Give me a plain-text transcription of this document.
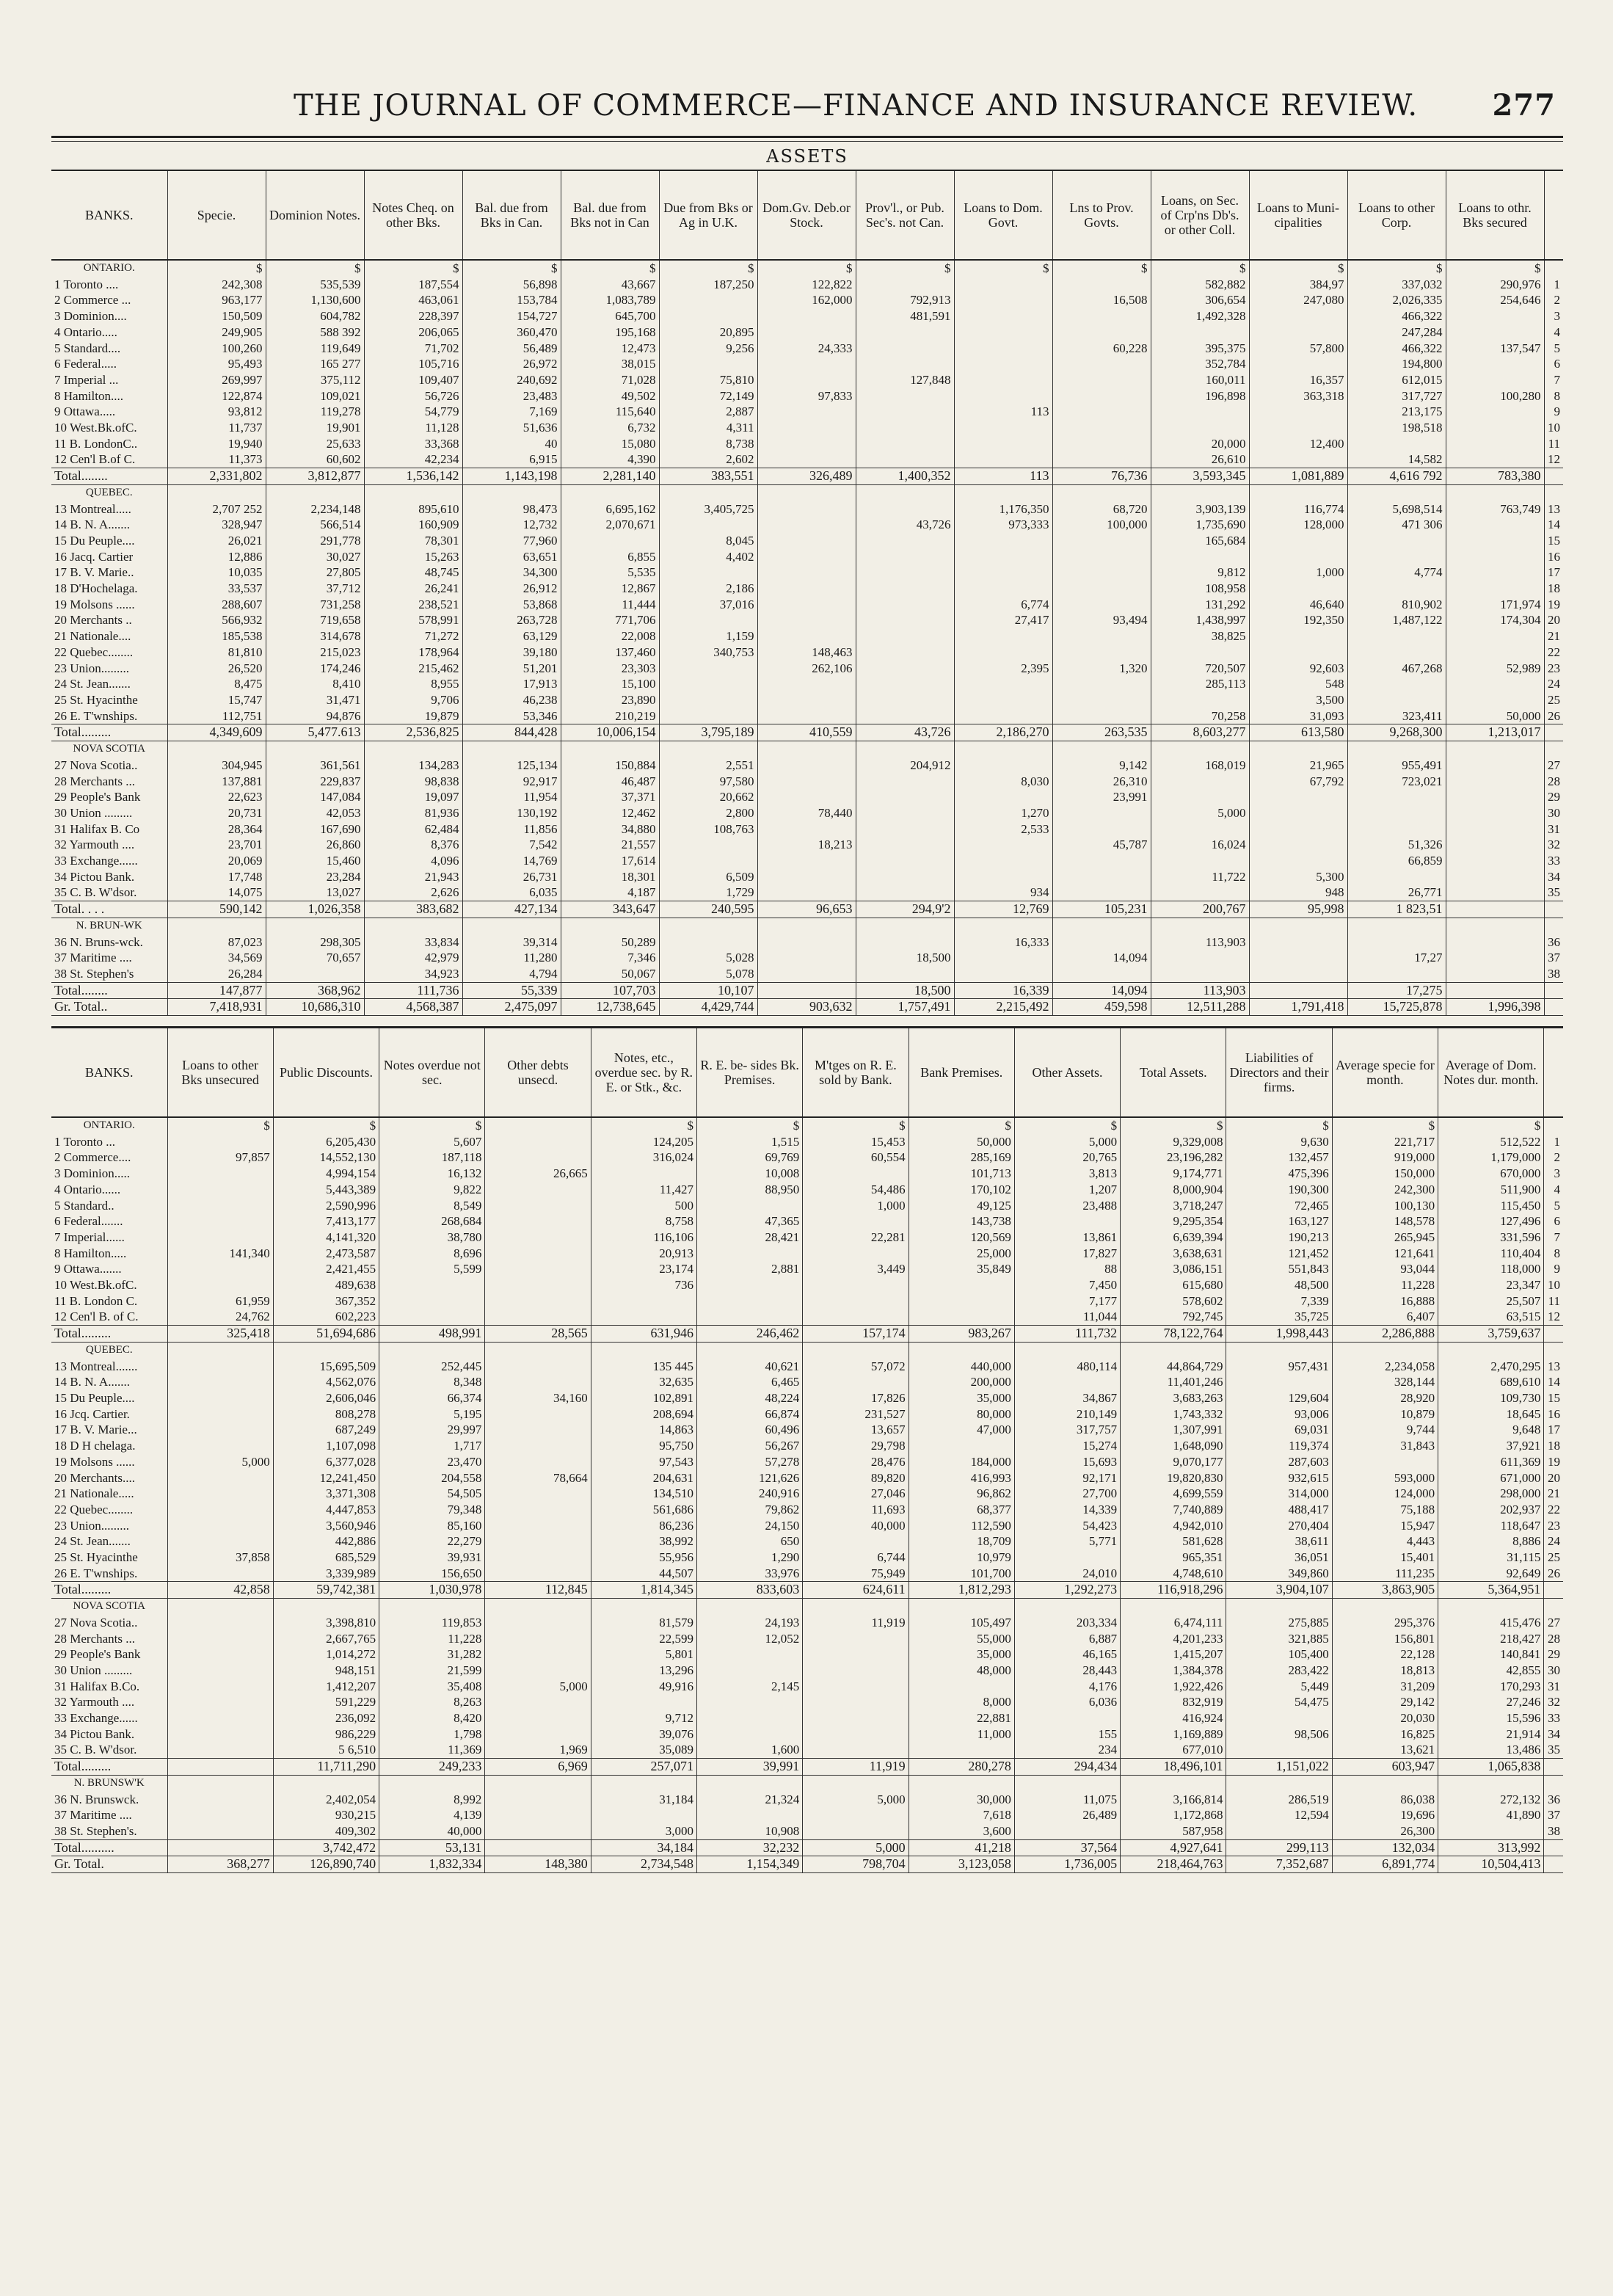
THE JOURNAL OF COMMERCE—FINANCE AND INSURANCE REVIEW.	277
ASSETS
BANKS.	Specie.	Dominion Notes.	Notes Cheq. on other Bks.	Bal. due from Bks in Can.	Bal. due from Bks not in Can	Due from Bks or Ag in U.K.	Dom.Gv. Deb.or Stock.	Prov'l., or Pub. Sec's. not Can.	Loans to Dom. Govt.	Lns to Prov. Govts.	Loans, on Sec. of Crp'ns Db's. or other Coll.	Loans to Muni- cipalities	Loans to other Corp.	Loans to othr. Bks secured	
ONTARIO.	$	$	$	$	$	$	$	$	$	$	$	$	$	$	
1 Toronto ....	242,308	535,539	187,554	56,898	43,667	187,250	122,822				582,882	384,97	337,032	290,976	1
2 Commerce ...	963,177	1,130,600	463,061	153,784	1,083,789		162,000	792,913		16,508	306,654	247,080	2,026,335	254,646	2
3 Dominion....	150,509	604,782	228,397	154,727	645,700			481,591			1,492,328		466,322		3
4 Ontario.....	249,905	588 392	206,065	360,470	195,168	20,895							247,284		4
5 Standard....	100,260	119,649	71,702	56,489	12,473	9,256	24,333			60,228	395,375	57,800	466,322	137,547	5
6 Federal.....	95,493	165 277	105,716	26,972	38,015						352,784		194,800		6
7 Imperial ...	269,997	375,112	109,407	240,692	71,028	75,810		127,848			160,011	16,357	612,015		7
8 Hamilton....	122,874	109,021	56,726	23,483	49,502	72,149	97,833				196,898	363,318	317,727	100,280	8
9 Ottawa.....	93,812	119,278	54,779	7,169	115,640	2,887			113				213,175		9
10 West.Bk.ofC.	11,737	19,901	11,128	51,636	6,732	4,311							198,518		10
11 B. LondonC..	19,940	25,633	33,368	40	15,080	8,738					20,000	12,400			11
12 Cen'l B.of C.	11,373	60,602	42,234	6,915	4,390	2,602					26,610		14,582		12
Total........	2,331,802	3,812,877	1,536,142	1,143,198	2,281,140	383,551	326,489	1,400,352	113	76,736	3,593,345	1,081,889	4,616 792	783,380	
QUEBEC.															
13 Montreal.....	2,707 252	2,234,148	895,610	98,473	6,695,162	3,405,725			1,176,350	68,720	3,903,139	116,774	5,698,514	763,749	13
14 B. N. A.......	328,947	566,514	160,909	12,732	2,070,671			43,726	973,333	100,000	1,735,690	128,000	471 306		14
15 Du Peuple....	26,021	291,778	78,301	77,960		8,045					165,684				15
16 Jacq. Cartier	12,886	30,027	15,263	63,651	6,855	4,402									16
17 B. V. Marie..	10,035	27,805	48,745	34,300	5,535						9,812	1,000	4,774		17
18 D'Hochelaga.	33,537	37,712	26,241	26,912	12,867	2,186					108,958				18
19 Molsons ......	288,607	731,258	238,521	53,868	11,444	37,016			6,774		131,292	46,640	810,902	171,974	19
20 Merchants ..	566,932	719,658	578,991	263,728	771,706				27,417	93,494	1,438,997	192,350	1,487,122	174,304	20
21 Nationale....	185,538	314,678	71,272	63,129	22,008	1,159					38,825				21
22 Quebec........	81,810	215,023	178,964	39,180	137,460	340,753	148,463								22
23 Union.........	26,520	174,246	215,462	51,201	23,303		262,106		2,395	1,320	720,507	92,603	467,268	52,989	23
24 St. Jean.......	8,475	8,410	8,955	17,913	15,100						285,113	548			24
25 St. Hyacinthe	15,747	31,471	9,706	46,238	23,890							3,500			25
26 E. T'wnships.	112,751	94,876	19,879	53,346	210,219						70,258	31,093	323,411	50,000	26
Total.........	4,349,609	5,477.613	2,536,825	844,428	10,006,154	3,795,189	410,559	43,726	2,186,270	263,535	8,603,277	613,580	9,268,300	1,213,017	
NOVA SCOTIA															
27 Nova Scotia..	304,945	361,561	134,283	125,134	150,884	2,551		204,912		9,142	168,019	21,965	955,491		27
28 Merchants ...	137,881	229,837	98,838	92,917	46,487	97,580			8,030	26,310		67,792	723,021		28
29 People's Bank	22,623	147,084	19,097	11,954	37,371	20,662				23,991					29
30 Union .........	20,731	42,053	81,936	130,192	12,462	2,800	78,440		1,270		5,000				30
31 Halifax B. Co	28,364	167,690	62,484	11,856	34,880	108,763			2,533						31
32 Yarmouth ....	23,701	26,860	8,376	7,542	21,557		18,213			45,787	16,024		51,326		32
33 Exchange......	20,069	15,460	4,096	14,769	17,614								66,859		33
34 Pictou Bank.	17,748	23,284	21,943	26,731	18,301	6,509					11,722	5,300			34
35 C. B. W'dsor.	14,075	13,027	2,626	6,035	4,187	1,729			934			948	26,771		35
Total. . . .	590,142	1,026,358	383,682	427,134	343,647	240,595	96,653	294,9'2	12,769	105,231	200,767	95,998	1 823,51		
N. BRUN-WK															
36 N. Bruns-wck.	87,023	298,305	33,834	39,314	50,289				16,333		113,903				36
37 Maritime ....	34,569	70,657	42,979	11,280	7,346	5,028		18,500		14,094			17,27		37
38 St. Stephen's	26,284		34,923	4,794	50,067	5,078									38
Total........	147,877	368,962	111,736	55,339	107,703	10,107		18,500	16,339	14,094	113,903		17,275		
Gr. Total..	7,418,931	10,686,310	4,568,387	2,475,097	12,738,645	4,429,744	903,632	1,757,491	2,215,492	459,598	12,511,288	1,791,418	15,725,878	1,996,398	
BANKS.	Loans to other Bks unsecured	Public Discounts.	Notes overdue not sec.	Other debts unsecd.	Notes, etc., overdue sec. by R. E. or Stk., &c.	R. E. be- sides Bk. Premises.	M'tges on R. E. sold by Bank.	Bank Premises.	Other Assets.	Total Assets.	Liabilities of Directors and their firms.	Average specie for month.	Average of Dom. Notes dur. month.	
ONTARIO.	$	$	$		$	$	$	$	$	$	$	$	$	
1 Toronto ...		6,205,430	5,607		124,205	1,515	15,453	50,000	5,000	9,329,008	9,630	221,717	512,522	1
2 Commerce....	97,857	14,552,130	187,118		316,024	69,769	60,554	285,169	20,765	23,196,282	132,457	919,000	1,179,000	2
3 Dominion.....		4,994,154	16,132	26,665		10,008		101,713	3,813	9,174,771	475,396	150,000	670,000	3
4 Ontario......		5,443,389	9,822		11,427	88,950	54,486	170,102	1,207	8,000,904	190,300	242,300	511,900	4
5 Standard..		2,590,996	8,549		500		1,000	49,125	23,488	3,718,247	72,465	100,130	115,450	5
6 Federal.......		7,413,177	268,684		8,758	47,365		143,738		9,295,354	163,127	148,578	127,496	6
7 Imperial......		4,141,320	38,780		116,106	28,421	22,281	120,569	13,861	6,639,394	190,213	265,945	331,596	7
8 Hamilton.....	141,340	2,473,587	8,696		20,913			25,000	17,827	3,638,631	121,452	121,641	110,404	8
9 Ottawa.......		2,421,455	5,599		23,174	2,881	3,449	35,849	88	3,086,151	551,843	93,044	118,000	9
10 West.Bk.ofC.		489,638			736				7,450	615,680	48,500	11,228	23,347	10
11 B. London C.	61,959	367,352							7,177	578,602	7,339	16,888	25,507	11
12 Cen'l B. of C.	24,762	602,223							11,044	792,745	35,725	6,407	63,515	12
Total.........	325,418	51,694,686	498,991	28,565	631,946	246,462	157,174	983,267	111,732	78,122,764	1,998,443	2,286,888	3,759,637	
QUEBEC.														
13 Montreal.......		15,695,509	252,445		135 445	40,621	57,072	440,000	480,114	44,864,729	957,431	2,234,058	2,470,295	13
14 B. N. A.......		4,562,076	8,348		32,635	6,465		200,000		11,401,246		328,144	689,610	14
15 Du Peuple....		2,606,046	66,374	34,160	102,891	48,224	17,826	35,000	34,867	3,683,263	129,604	28,920	109,730	15
16 Jcq. Cartier.		808,278	5,195		208,694	66,874	231,527	80,000	210,149	1,743,332	93,006	10,879	18,645	16
17 B. V. Marie...		687,249	29,997		14,863	60,496	13,657	47,000	317,757	1,307,991	69,031	9,744	9,648	17
18 D H chelaga.		1,107,098	1,717		95,750	56,267	29,798		15,274	1,648,090	119,374	31,843	37,921	18
19 Molsons ......	5,000	6,377,028	23,470		97,543	57,278	28,476	184,000	15,693	9,070,177	287,603		611,369	19
20 Merchants....		12,241,450	204,558	78,664	204,631	121,626	89,820	416,993	92,171	19,820,830	932,615	593,000	671,000	20
21 Nationale.....		3,371,308	54,505		134,510	240,916	27,046	96,862	27,700	4,699,559	314,000	124,000	298,000	21
22 Quebec........		4,447,853	79,348		561,686	79,862	11,693	68,377	14,339	7,740,889	488,417	75,188	202,937	22
23 Union.........		3,560,946	85,160		86,236	24,150	40,000	112,590	54,423	4,942,010	270,404	15,947	118,647	23
24 St. Jean.......		442,886	22,279		38,992	650		18,709	5,771	581,628	38,611	4,443	8,886	24
25 St. Hyacinthe	37,858	685,529	39,931		55,956	1,290	6,744	10,979		965,351	36,051	15,401	31,115	25
26 E. T'wnships.		3,339,989	156,650		44,507	33,976	75,949	101,700	24,010	4,748,610	349,860	111,235	92,649	26
Total.........	42,858	59,742,381	1,030,978	112,845	1,814,345	833,603	624,611	1,812,293	1,292,273	116,918,296	3,904,107	3,863,905	5,364,951	
NOVA SCOTIA														
27 Nova Scotia..		3,398,810	119,853		81,579	24,193	11,919	105,497	203,334	6,474,111	275,885	295,376	415,476	27
28 Merchants ...		2,667,765	11,228		22,599	12,052		55,000	6,887	4,201,233	321,885	156,801	218,427	28
29 People's Bank		1,014,272	31,282		5,801			35,000	46,165	1,415,207	105,400	22,128	140,841	29
30 Union .........		948,151	21,599		13,296			48,000	28,443	1,384,378	283,422	18,813	42,855	30
31 Halifax B.Co.		1,412,207	35,408	5,000	49,916	2,145			4,176	1,922,426	5,449	31,209	170,293	31
32 Yarmouth ....		591,229	8,263					8,000	6,036	832,919	54,475	29,142	27,246	32
33 Exchange......		236,092	8,420		9,712			22,881		416,924		20,030	15,596	33
34 Pictou Bank.		986,229	1,798		39,076			11,000	155	1,169,889	98,506	16,825	21,914	34
35 C. B. W'dsor.		5 6,510	11,369	1,969	35,089	1,600			234	677,010		13,621	13,486	35
Total.........		11,711,290	249,233	6,969	257,071	39,991	11,919	280,278	294,434	18,496,101	1,151,022	603,947	1,065,838	
N. BRUNSW'K														
36 N. Brunswck.		2,402,054	8,992		31,184	21,324	5,000	30,000	11,075	3,166,814	286,519	86,038	272,132	36
37 Maritime ....		930,215	4,139					7,618	26,489	1,172,868	12,594	19,696	41,890	37
38 St. Stephen's.		409,302	40,000		3,000	10,908		3,600		587,958		26,300		38
Total..........		3,742,472	53,131		34,184	32,232	5,000	41,218	37,564	4,927,641	299,113	132,034	313,992	
Gr. Total.	368,277	126,890,740	1,832,334	148,380	2,734,548	1,154,349	798,704	3,123,058	1,736,005	218,464,763	7,352,687	6,891,774	10,504,413	
